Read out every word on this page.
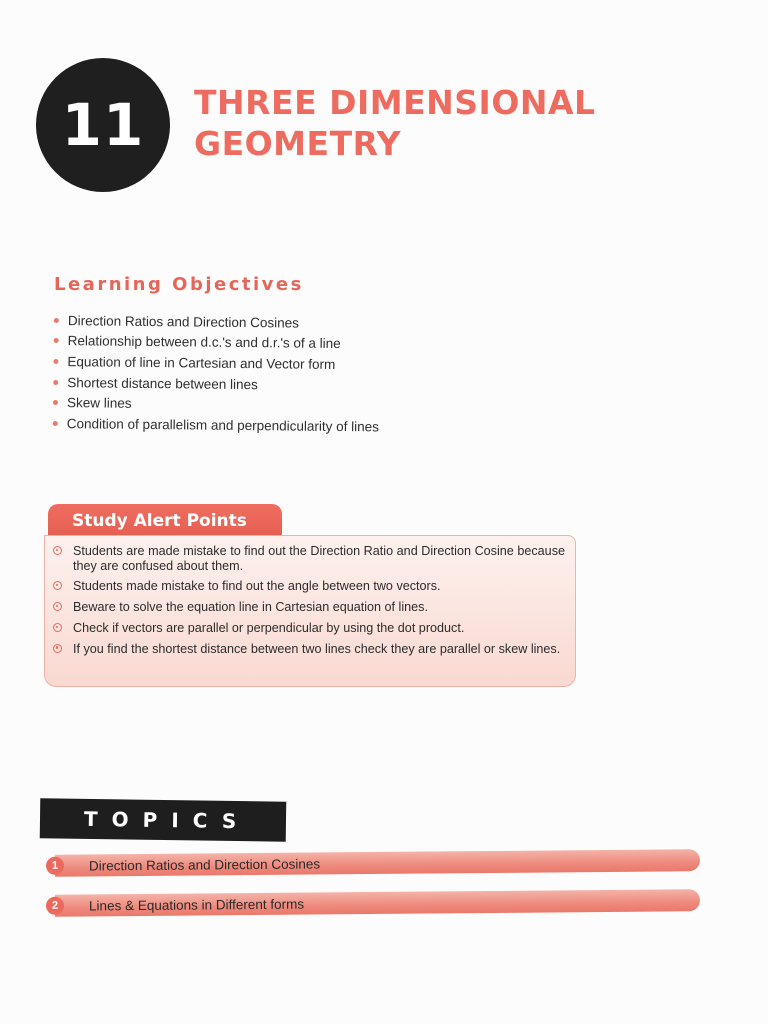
11 THREE DIMENSIONAL
GEOMETRY
Learning Objectives
Direction Ratios and Direction Cosines
Relationship between d.c.'s and d.r.'s of a line
Equation of line in Cartesian and Vector form
Shortest distance between lines
Skew lines
Condition of parallelism and perpendicularity of lines
Study Alert Points
Students are made mistake to find out the Direction Ratio and Direction Cosine because they are confused about them.
Students made mistake to find out the angle between two vectors.
Beware to solve the equation line in Cartesian equation of lines.
Check if vectors are parallel or perpendicular by using the dot product.
If you find the shortest distance between two lines check they are parallel or skew lines.
TOPICS
1	Direction Ratios and Direction Cosines
2	Lines & Equations in Different forms
